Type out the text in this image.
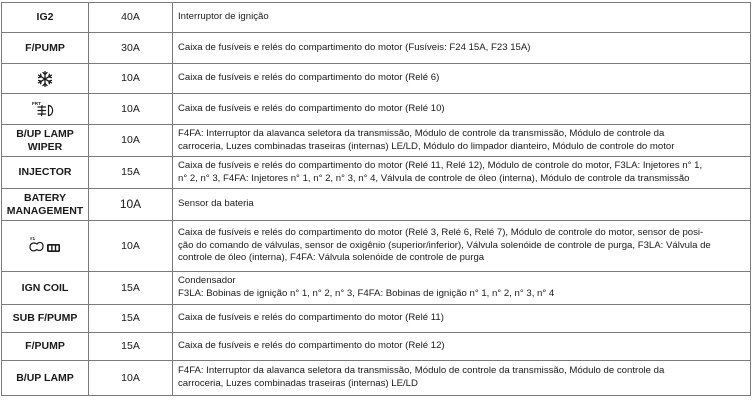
IG2	40A	Interruptor de ignição
F/PUMP	30A	Caixa de fusíveis e relés do compartimento do motor (Fusíveis: F24 15A, F23 15A)
	10A	Caixa de fusíveis e relés do compartimento do motor (Relé 6)

FRT	10A	Caixa de fusíveis e relés do compartimento do motor (Relé 10)
B/UP LAMP
WIPER	10A	F4FA: Interruptor da alavanca seletora da transmissão, Módulo de controle da transmissão, Módulo de controle da
carroceria, Luzes combinadas traseiras (internas) LE/LD, Módulo do limpador dianteiro, Módulo de controle do motor
INJECTOR	15A	Caixa de fusíveis e relés do compartimento do motor (Relé 11, Relé 12), Módulo de controle do motor, F3LA: Injetores n° 1,
n° 2, n° 3, F4FA: Injetores n° 1, n° 2, n° 3, n° 4, Válvula de controle de óleo (interna), Módulo de controle da transmissão
BATERY
MANAGEMENT	10A	Sensor da bateria

#1	10A	Caixa de fusíveis e relés do compartimento do motor (Relé 3, Relé 6, Relé 7), Módulo de controle do motor, sensor de posi-
ção do comando de válvulas, sensor de oxigênio (superior/inferior), Válvula solenóide de controle de purga, F3LA: Válvula de
controle de óleo (interna), F4FA: Válvula solenóide de controle de purga
IGN COIL	15A	Condensador
F3LA: Bobinas de ignição n° 1, n° 2, n° 3, F4FA: Bobinas de ignição n° 1, n° 2, n° 3, n° 4
SUB F/PUMP	15A	Caixa de fusíveis e relés do compartimento do motor (Relé 11)
F/PUMP	15A	Caixa de fusíveis e relés do compartimento do motor (Relé 12)
B/UP LAMP	10A	F4FA: Interruptor da alavanca seletora da transmissão, Módulo de controle da transmissão, Módulo de controle da
carroceria, Luzes combinadas traseiras (internas) LE/LD
